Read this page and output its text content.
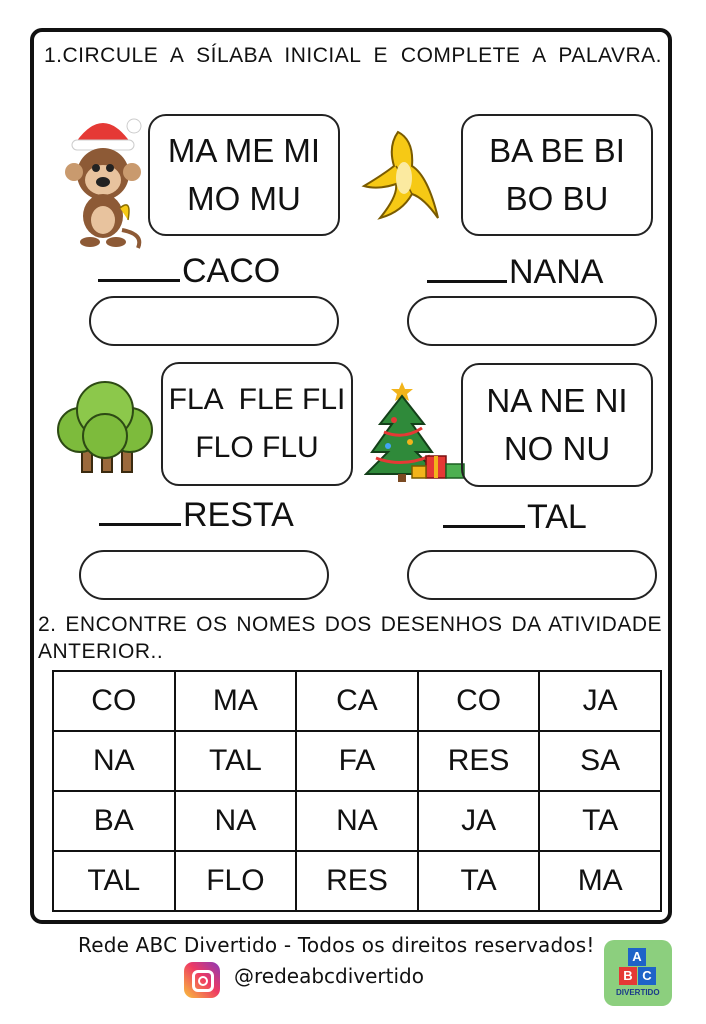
1.CIRCULE A SÍLABA INICIAL E COMPLETE A PALAVRA.
MA ME MI
MO MU
CACO
BA BE BI
BO BU
NANA
FLA  FLE FLI
FLO FLU
RESTA
NA NE NI
NO NU
TAL
2. ENCONTRE OS NOMES DOS DESENHOS DA ATIVIDADE ANTERIOR..
CO	MA	CA	CO	JA
NA	TAL	FA	RES	SA
BA	NA	NA	JA	TA
TAL	FLO	RES	TA	MA
Rede ABC Divertido - Todos os direitos reservados!
@redeabcdivertido
A
B C
DIVERTIDO
